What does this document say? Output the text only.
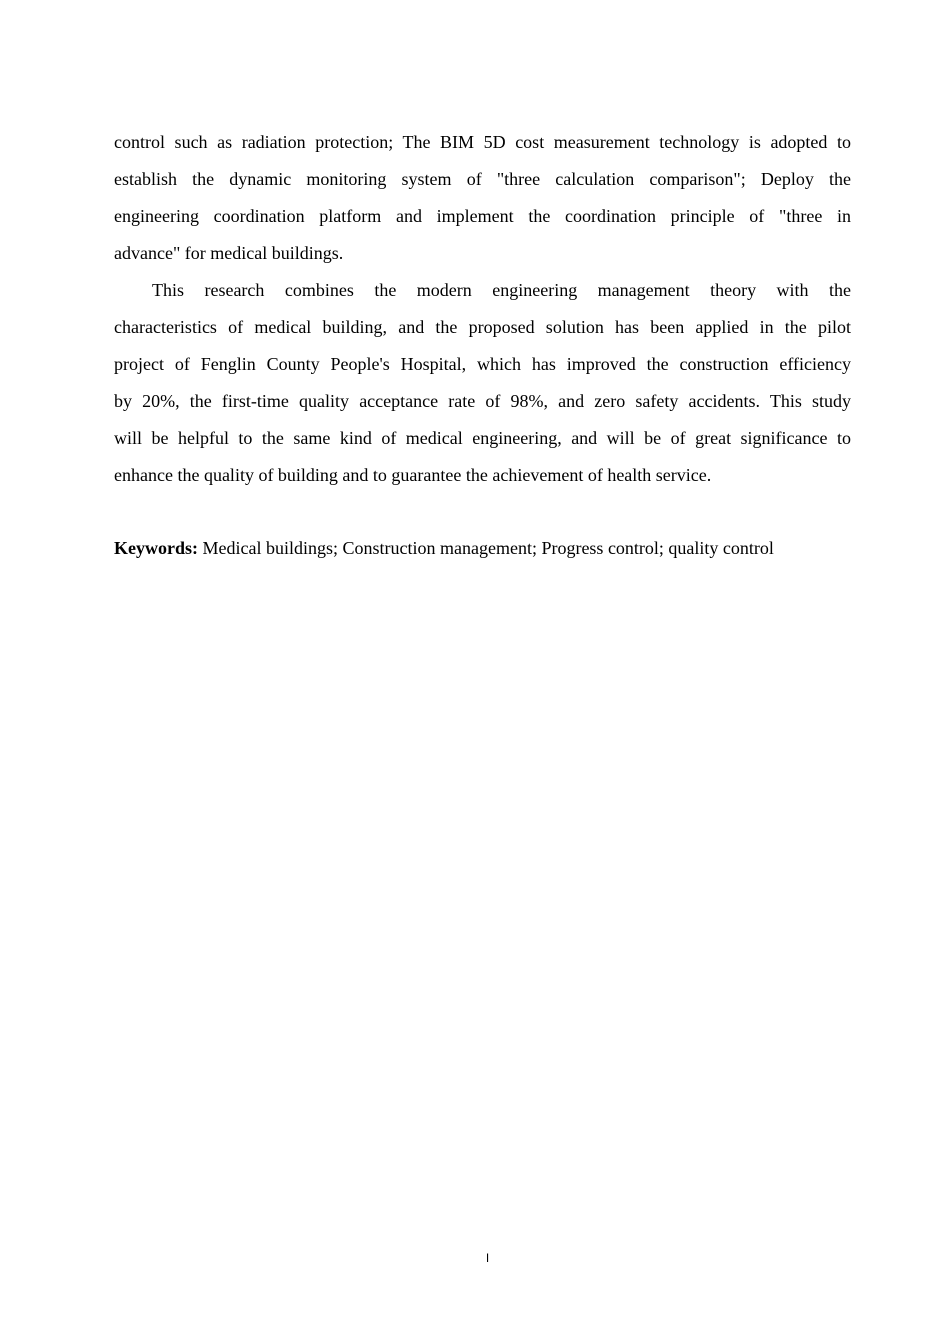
control such as radiation protection; The BIM 5D cost measurement technology is adopted to
establish the dynamic monitoring system of "three calculation comparison"; Deploy the
engineering coordination platform and implement the coordination principle of "three in
advance" for medical buildings.
This research combines the modern engineering management theory with the
characteristics of medical building, and the proposed solution has been applied in the pilot
project of Fenglin County People's Hospital, which has improved the construction efficiency
by 20%, the first-time quality acceptance rate of 98%, and zero safety accidents. This study
will be helpful to the same kind of medical engineering, and will be of great significance to
enhance the quality of building and to guarantee the achievement of health service.
Keywords: Medical buildings; Construction management; Progress control; quality control
I
